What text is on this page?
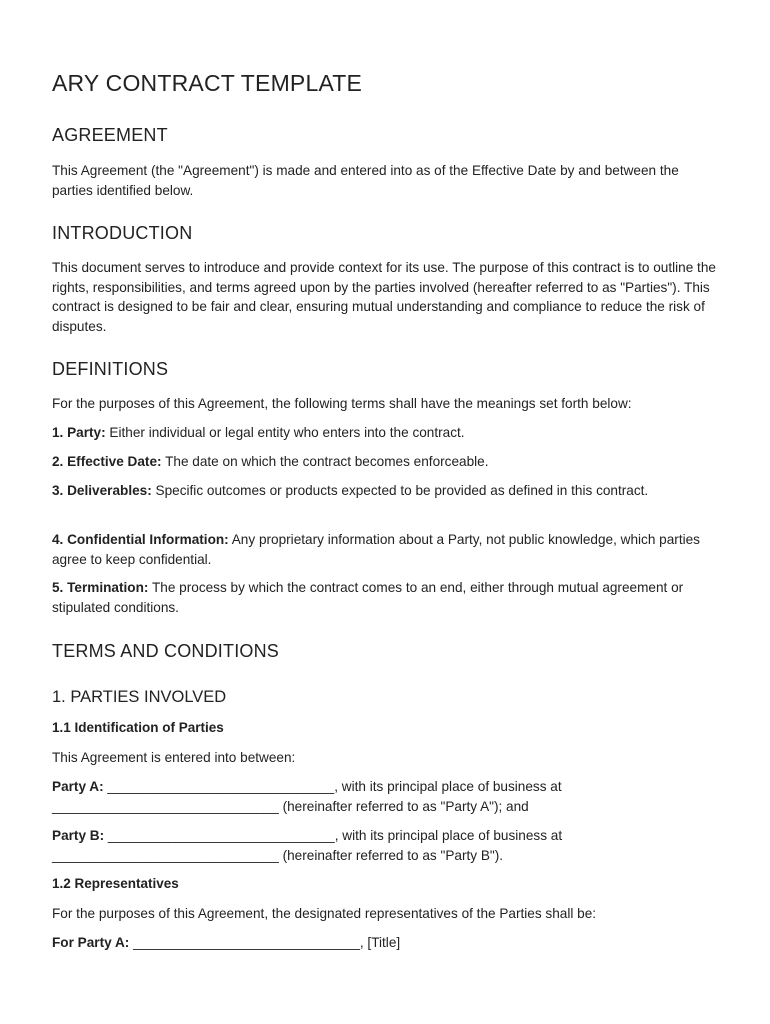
ARY CONTRACT TEMPLATE
AGREEMENT

This Agreement (the "Agreement") is made and entered into as of the Effective Date by and between the parties identified below.

INTRODUCTION

This document serves to introduce and provide context for its use. The purpose of this contract is to outline the rights, responsibilities, and terms agreed upon by the parties involved (hereafter referred to as "Parties"). This contract is designed to be fair and clear, ensuring mutual understanding and compliance to reduce the risk of disputes.

DEFINITIONS

For the purposes of this Agreement, the following terms shall have the meanings set forth below:

1. Party: Either individual or legal entity who enters into the contract.

2. Effective Date: The date on which the contract becomes enforceable.

3. Deliverables: Specific outcomes or products expected to be provided as defined in this contract.

4. Confidential Information: Any proprietary information about a Party, not public knowledge, which parties agree to keep confidential.

5. Termination: The process by which the contract comes to an end, either through mutual agreement or stipulated conditions.

TERMS AND CONDITIONS
1. PARTIES INVOLVED
1.1 Identification of Parties

This Agreement is entered into between:

Party A: ______________________________, with its principal place of business at ______________________________ (hereinafter referred to as "Party A"); and

Party B: ______________________________, with its principal place of business at ______________________________ (hereinafter referred to as "Party B").

1.2 Representatives

For the purposes of this Agreement, the designated representatives of the Parties shall be:

For Party A: ______________________________, [Title]
